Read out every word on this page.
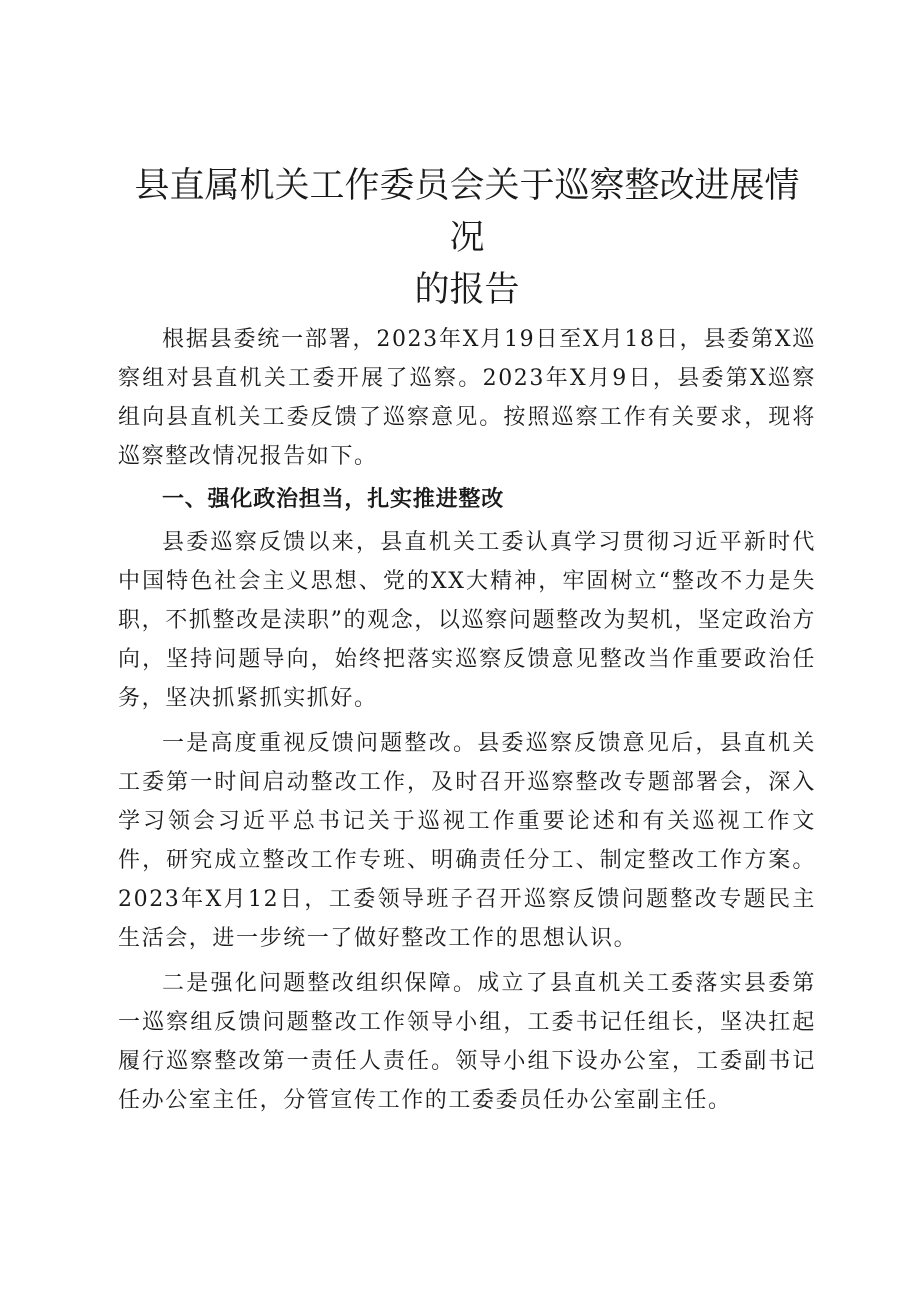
县直属机关工作委员会关于巡察整改进展情况
的报告

根据县委统一部署，2023年X月19日至X月18日，县委第X巡察组对县直机关工委开展了巡察。2023年X月9日，县委第X巡察组向县直机关工委反馈了巡察意见。按照巡察工作有关要求，现将巡察整改情况报告如下。

一、强化政治担当，扎实推进整改

县委巡察反馈以来，县直机关工委认真学习贯彻习近平新时代中国特色社会主义思想、党的XX大精神，牢固树立“整改不力是失职，不抓整改是渎职”的观念，以巡察问题整改为契机，坚定政治方向，坚持问题导向，始终把落实巡察反馈意见整改当作重要政治任务，坚决抓紧抓实抓好。

一是高度重视反馈问题整改。县委巡察反馈意见后，县直机关工委第一时间启动整改工作，及时召开巡察整改专题部署会，深入学习领会习近平总书记关于巡视工作重要论述和有关巡视工作文件，研究成立整改工作专班、明确责任分工、制定整改工作方案。2023年X月12日，工委领导班子召开巡察反馈问题整改专题民主生活会，进一步统一了做好整改工作的思想认识。

二是强化问题整改组织保障。成立了县直机关工委落实县委第一巡察组反馈问题整改工作领导小组，工委书记任组长，坚决扛起履行巡察整改第一责任人责任。领导小组下设办公室，工委副书记任办公室主任，分管宣传工作的工委委员任办公室副主任。
